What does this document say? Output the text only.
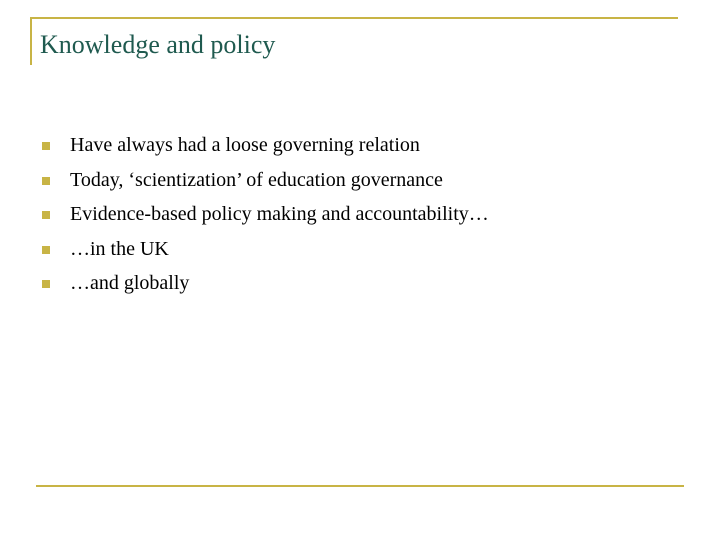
Knowledge and policy
Have always had a loose governing relation
Today, ‘scientization’ of education governance
Evidence-based policy making and accountability…
…in the UK
…and globally
